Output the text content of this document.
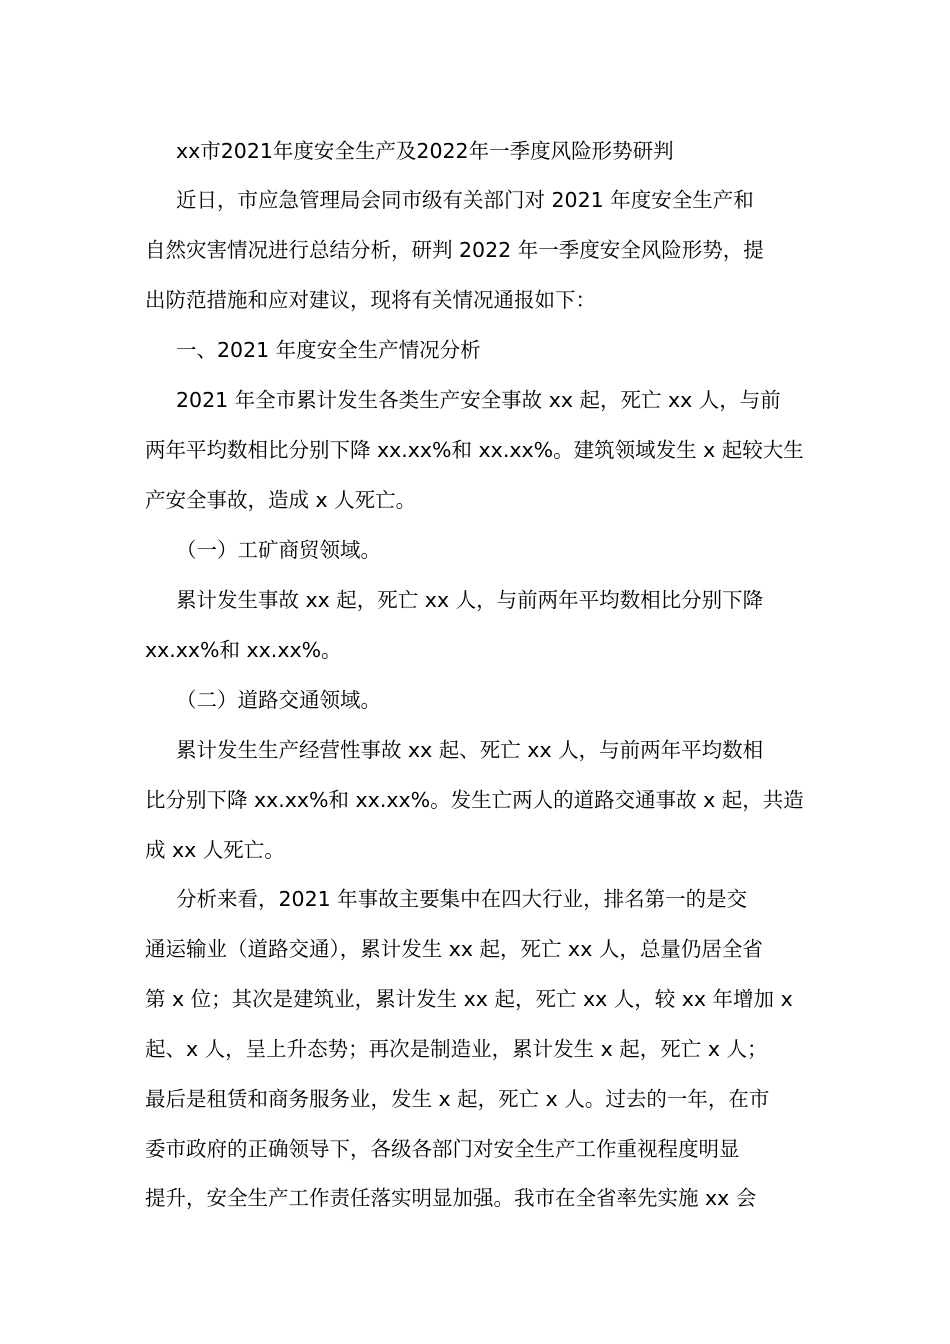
xx市2021年度安全生产及2022年一季度风险形势研判
近日，市应急管理局会同市级有关部门对 2021 年度安全生产和
自然灾害情况进行总结分析，研判 2022 年一季度安全风险形势，提
出防范措施和应对建议，现将有关情况通报如下：
一、2021 年度安全生产情况分析
2021 年全市累计发生各类生产安全事故 xx 起，死亡 xx 人，与前
两年平均数相比分别下降 xx.xx%和 xx.xx%。建筑领域发生 x 起较大生
产安全事故，造成 x 人死亡。
（一）工矿商贸领域。
累计发生事故 xx 起，死亡 xx 人，与前两年平均数相比分别下降
xx.xx%和 xx.xx%。
（二）道路交通领域。
累计发生生产经营性事故 xx 起、死亡 xx 人，与前两年平均数相
比分别下降 xx.xx%和 xx.xx%。发生亡两人的道路交通事故 x 起，共造
成 xx 人死亡。
分析来看，2021 年事故主要集中在四大行业，排名第一的是交
通运输业（道路交通），累计发生 xx 起，死亡 xx 人，总量仍居全省
第 x 位；其次是建筑业，累计发生 xx 起，死亡 xx 人，较 xx 年增加 x
起、x 人，呈上升态势；再次是制造业，累计发生 x 起，死亡 x 人；
最后是租赁和商务服务业，发生 x 起，死亡 x 人。过去的一年，在市
委市政府的正确领导下，各级各部门对安全生产工作重视程度明显
提升，安全生产工作责任落实明显加强。我市在全省率先实施 xx 会
